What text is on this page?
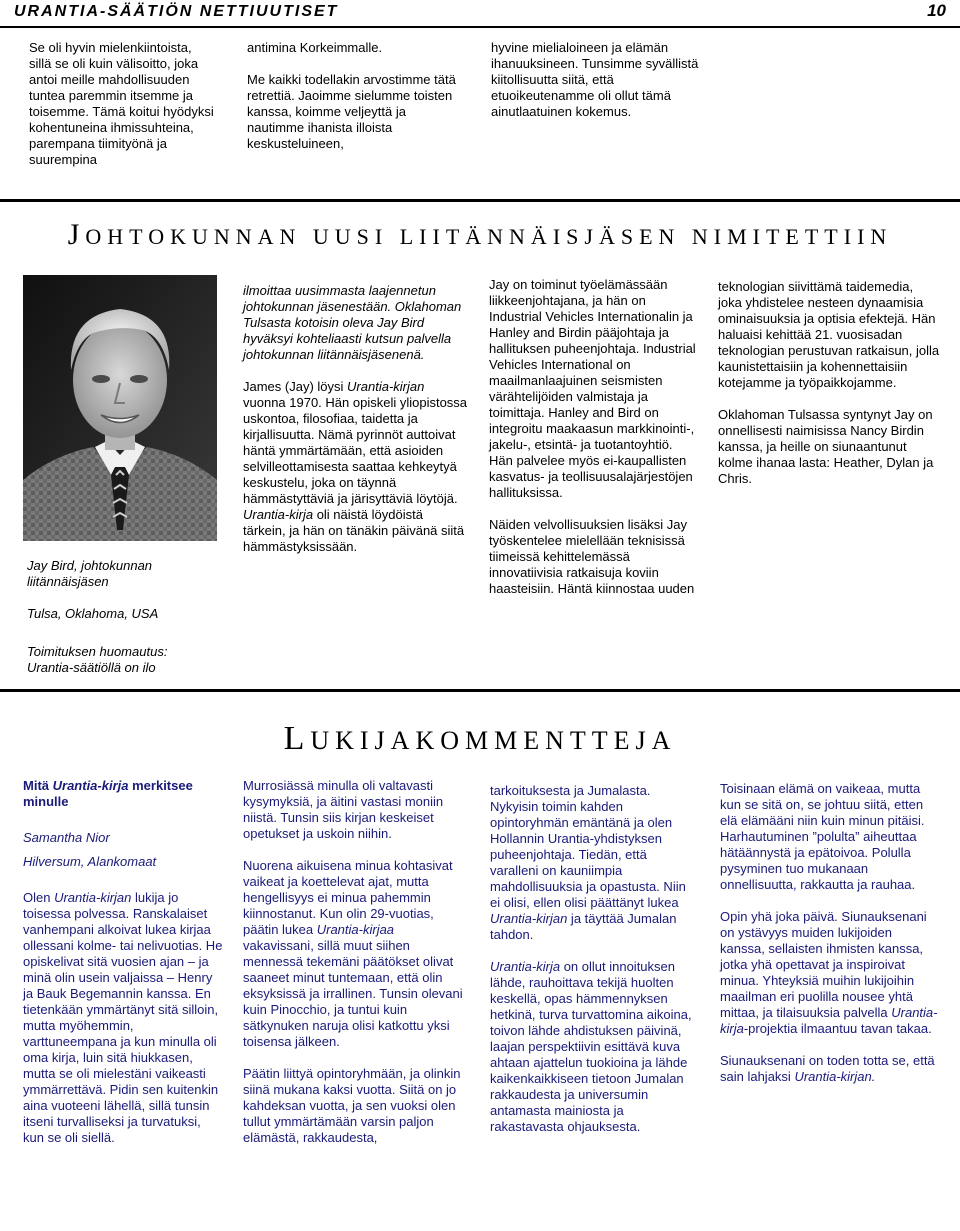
URANTIA-SÄÄTIÖN NETTIUUTISET	10

Se oli hyvin mielenkiintoista, sillä se oli kuin välisoitto, joka antoi meille mahdollisuuden tuntea paremmin itsemme ja toisemme. Tämä koitui hyödyksi kohentuneina ihmissuhteina, parempana tiimityönä ja suurempina

antimina Korkeimmalle.

Me kaikki todellakin arvostimme tätä retrettiä. Jaoimme sielumme toisten kanssa, koimme veljeyttä ja nautimme ihanista illoista keskusteluineen,

hyvine mielialoineen ja elämän ihanuuksineen. Tunsimme syvällistä kiitollisuutta siitä, että etuoikeutenamme oli ollut tämä ainutlaatuinen kokemus.

JOHTOKUNNAN UUSI LIITÄNNÄISJÄSEN NIMITETTIIN

Jay Bird, johtokunnan liitännäisjäsen

Tulsa, Oklahoma, USA

Toimituksen huomautus: Urantia-säätiöllä on ilo

ilmoittaa uusimmasta laajennetun johtokunnan jäsenestään. Oklahoman Tulsasta kotoisin oleva Jay Bird hyväksyi kohteliaasti kutsun palvella johtokunnan liitännäisjäsenenä.

James (Jay) löysi Urantia-kirjan vuonna 1970. Hän opiskeli yliopistossa uskontoa, filosofiaa, taidetta ja kirjallisuutta. Nämä pyrinnöt auttoivat häntä ymmärtämään, että asioiden selvilleottamisesta saattaa kehkeytyä keskustelu, joka on täynnä hämmästyttäviä ja järisyttäviä löytöjä. Urantia-kirja oli näistä löydöistä tärkein, ja hän on tänäkin päivänä siitä hämmästyksissään.

Jay on toiminut työelämässään liikkeenjohtajana, ja hän on Industrial Vehicles Internationalin ja Hanley and Birdin pääjohtaja ja hallituksen puheenjohtaja. Industrial Vehicles International on maailmanlaajuinen seismisten värähtelijöiden valmistaja ja toimittaja. Hanley and Bird on integroitu maakaasun markkinointi-, jakelu-, etsintä- ja tuotantoyhtiö. Hän palvelee myös ei-kaupallisten kasvatus- ja teollisuusalajärjestöjen hallituksissa.

Näiden velvollisuuksien lisäksi Jay työskentelee mielellään teknisissä tiimeissä kehittelemässä innovatiivisia ratkaisuja koviin haasteisiin. Häntä kiinnostaa uuden

teknologian siivittämä taidemedia, joka yhdistelee nesteen dynaamisia ominaisuuksia ja optisia efektejä. Hän haluaisi kehittää 21. vuosisadan teknologian perustuvan ratkaisun, jolla kaunistettaisiin ja kohennettaisiin kotejamme ja työpaikkojamme.

Oklahoman Tulsassa syntynyt Jay on onnellisesti naimisissa Nancy Birdin kanssa, ja heille on siunaantunut kolme ihanaa lasta: Heather, Dylan ja Chris.

LUKIJAKOMMENTTEJA

Mitä Urantia-kirja merkitsee minulle

Samantha Nior

Hilversum, Alankomaat

Olen Urantia-kirjan lukija jo toisessa polvessa. Ranskalaiset vanhempani alkoivat lukea kirjaa ollessani kolme- tai nelivuotias. He opiskelivat sitä vuosien ajan – ja minä olin usein valjaissa – Henry ja Bauk Begemannin kanssa. En tietenkään ymmärtänyt sitä silloin, mutta myöhemmin, varttuneempana ja kun minulla oli oma kirja, luin sitä hiukkasen, mutta se oli mielestäni vaikeasti ymmärrettävä. Pidin sen kuitenkin aina vuoteeni lähellä, sillä tunsin itseni turvalliseksi ja turvatuksi, kun se oli siellä.

Murrosiässä minulla oli valtavasti kysymyksiä, ja äitini vastasi moniin niistä. Tunsin siis kirjan keskeiset opetukset ja uskoin niihin.

Nuorena aikuisena minua kohtasivat vaikeat ja koettelevat ajat, mutta hengellisyys ei minua pahemmin kiinnostanut. Kun olin 29-vuotias, päätin lukea Urantia-kirjaa vakavissani, sillä muut siihen mennessä tekemäni päätökset olivat saaneet minut tuntemaan, että olin eksyksissä ja irrallinen. Tunsin olevani kuin Pinocchio, ja tuntui kuin sätkynuken naruja olisi katkottu yksi toisensa jälkeen.

Päätin liittyä opintoryhmään, ja olinkin siinä mukana kaksi vuotta. Siitä on jo kahdeksan vuotta, ja sen vuoksi olen tullut ymmärtämään varsin paljon elämästä, rakkaudesta,

tarkoituksesta ja Jumalasta. Nykyisin toimin kahden opintoryhmän emäntänä ja olen Hollannin Urantia-yhdistyksen puheenjohtaja. Tiedän, että varalleni on kauniimpia mahdollisuuksia ja opastusta. Niin ei olisi, ellen olisi päättänyt lukea Urantia-kirjan ja täyttää Jumalan tahdon.

Urantia-kirja on ollut innoituksen lähde, rauhoittava tekijä huolten keskellä, opas hämmennyksen hetkinä, turva turvattomina aikoina, toivon lähde ahdistuksen päivinä, laajan perspektiivin esittävä kuva ahtaan ajattelun tuokioina ja lähde kaikenkaikkiseen tietoon Jumalan rakkaudesta ja universumin antamasta mainiosta ja rakastavasta ohjauksesta.

Toisinaan elämä on vaikeaa, mutta kun se sitä on, se johtuu siitä, etten elä elämääni niin kuin minun pitäisi. Harhautuminen ”polulta” aiheuttaa hätäännystä ja epätoivoa. Polulla pysyminen tuo mukanaan onnellisuutta, rakkautta ja rauhaa.

Opin yhä joka päivä. Siunauksenani on ystävyys muiden lukijoiden kanssa, sellaisten ihmisten kanssa, jotka yhä opettavat ja inspiroivat minua. Yhteyksiä muihin lukijoihin maailman eri puolilla nousee yhtä mittaa, ja tilaisuuksia palvella Urantia-kirja-projektia ilmaantuu tavan takaa.

Siunauksenani on toden totta se, että sain lahjaksi Urantia-kirjan.
